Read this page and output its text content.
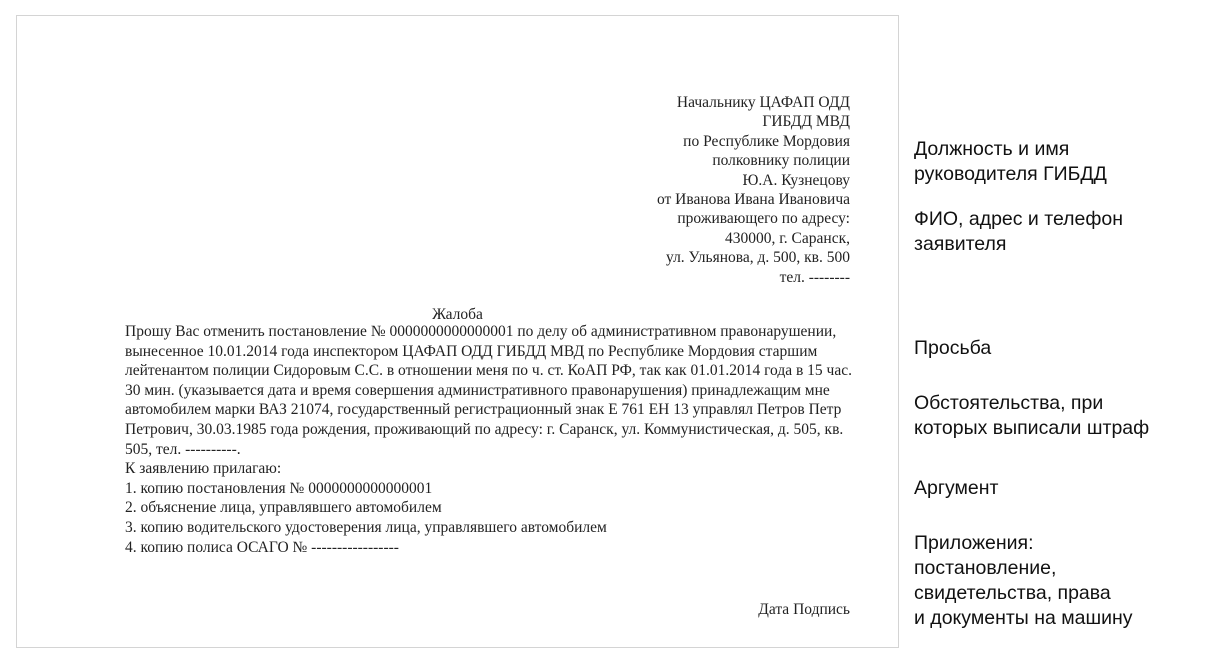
Начальнику ЦАФАП ОДД
ГИБДД МВД
по Республике Мордовия
полковнику полиции
Ю.А. Кузнецову
от Иванова Ивана Ивановича
проживающего по адресу:
430000, г. Саранск,
ул. Ульянова, д. 500, кв. 500
тел. --------
Жалоба

Прошу Вас отменить постановление № 0000000000000001 по делу об административном правонарушении, вынесенное 10.01.2014 года инспектором ЦАФАП ОДД ГИБДД МВД по Республике Мордовия старшим лейтенантом полиции Сидоровым С.С. в отношении меня по ч. ст. КоАП РФ, так как 01.01.2014 года в 15 час. 30 мин. (указывается дата и время совершения административного правонарушения) принадлежащим мне автомобилем марки ВАЗ 21074, государственный регистрационный знак Е 761 ЕН 13 управлял Петров Петр Петрович, 30.03.1985 года рождения, проживающий по адресу: г. Саранск, ул. Коммунистическая, д. 505, кв. 505, тел. ----------.

К заявлению прилагаю:

1. копию постановления № 0000000000000001
2. объяснение лица, управлявшего автомобилем
3. копию водительского удостоверения лица, управлявшего автомобилем
4. копию полиса ОСАГО № -----------------
Дата Подпись
Должность и имя
руководителя ГИБДД
ФИО, адрес и телефон
заявителя
Просьба
Обстоятельства, при
которых выписали штраф
Аргумент
Приложения:
постановление,
свидетельства, права
и документы на машину
